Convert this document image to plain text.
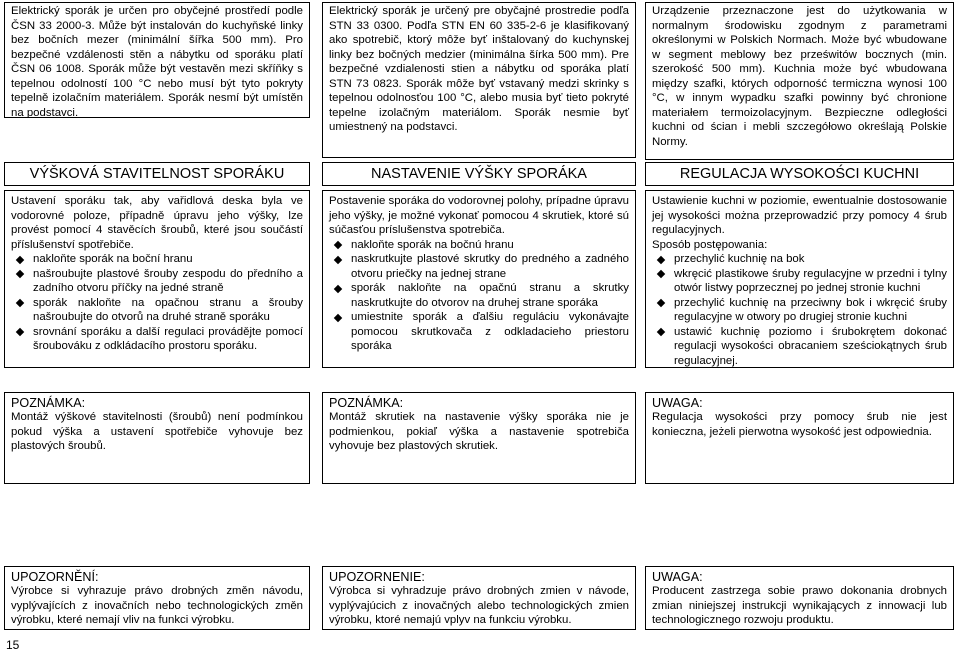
Elektrický sporák je určen pro obyčejné prostředí podle ČSN 33 2000-3. Může být instalován do kuchyňské linky bez bočních mezer (minimální šířka 500 mm). Pro bezpečné vzdálenosti stěn a nábytku od sporáku platí ČSN 06 1008. Sporák může být vestavěn mezi skříňky s tepelnou odolností 100 °C nebo musí být tyto pokryty tepelně izolačním materiálem. Sporák nesmí být umístěn na podstavci.

Elektrický sporák je určený pre obyčajné prostredie podľa STN 33 0300. Podľa STN EN 60 335-2-6 je klasifikovaný ako spotrebič, ktorý môže byť inštalovaný do kuchynskej linky bez bočných medzier (minimálna šírka 500 mm). Pre bezpečné vzdialenosti stien a nábytku od sporáka platí STN 73 0823. Sporák môže byť vstavaný medzi skrinky s tepelnou odolnosťou 100 °C, alebo musia byť tieto pokryté tepelne izolačným materiálom. Sporák nesmie byť umiestnený na podstavci.

Urządzenie przeznaczone jest do użytkowania w normalnym środowisku zgodnym z parametrami określonymi w Polskich Normach. Może być wbudowane w segment meblowy bez prześwitów bocznych (min. szerokość 500 mm). Kuchnia może być wbudowana między szafki, których odporność termiczna wynosi 100 °C, w innym wypadku szafki powinny być chronione materiałem termoizolacyjnym. Bezpieczne odległości kuchni od ścian i mebli szczegółowo określają Polskie Normy.

VÝŠKOVÁ STAVITELNOST SPORÁKU	NASTAVENIE VÝŠKY SPORÁKA	REGULACJA WYSOKOŚCI KUCHNI

Ustavení sporáku tak, aby vařidlová deska byla ve vodorovné poloze, případně úpravu jeho výšky, lze provést pomocí 4 stavěcích šroubů, které jsou součástí příslušenství spotřebiče.

nakloňte sporák na boční hranu
našroubujte plastové šrouby zespodu do předního a zadního otvoru příčky na jedné straně
sporák nakloňte na opačnou stranu a šrouby našroubujte do otvorů na druhé straně sporáku
srovnání sporáku a další regulaci provádějte pomocí šroubováku z odkládacího prostoru sporáku.

Postavenie sporáka do vodorovnej polohy, prípadne úpravu jeho výšky, je možné vykonať pomocou 4 skrutiek, ktoré sú súčasťou príslušenstva spotrebiča.

nakloňte sporák na bočnú hranu
naskrutkujte plastové skrutky do predného a zadného otvoru priečky na jednej strane
sporák nakloňte na opačnú stranu a skrutky naskrutkujte do otvorov na druhej strane sporáka
umiestnite sporák a ďalšiu reguláciu vykonávajte pomocou skrutkovača z odkladacieho priestoru sporáka

Ustawienie kuchni w poziomie, ewentualnie dostosowanie jej wysokości można przeprowadzić przy pomocy 4 śrub regulacyjnych.

Sposób postępowania:

przechylić kuchnię na bok
wkręcić plastikowe śruby regulacyjne w przedni i tylny otwór listwy poprzecznej po jednej stronie kuchni
przechylić kuchnię na przeciwny bok i wkręcić śruby regulacyjne w otwory po drugiej stronie kuchni
ustawić kuchnię poziomo i śrubokrętem dokonać regulacji wysokości obracaniem sześciokątnych śrub regulacyjnej.

POZNÁMKA:

Montáž výškové stavitelnosti (šroubů) není podmínkou pokud výška a ustavení spotřebiče vyhovuje bez plastových šroubů.

POZNÁMKA:

Montáž skrutiek na nastavenie výšky sporáka nie je podmienkou, pokiaľ výška a nastavenie spotrebiča vyhovuje bez plastových skrutiek.

UWAGA:

Regulacja wysokości przy pomocy śrub nie jest konieczna, jeżeli pierwotna wysokość jest odpowiednia.

UPOZORNĚNÍ:

Výrobce si vyhrazuje právo drobných změn návodu, vyplývajících z inovačních nebo technologických změn výrobku, které nemají vliv na funkci výrobku.

UPOZORNENIE:

Výrobca si vyhradzuje právo drobných zmien v návode, vyplývajúcich z inovačných alebo technologických zmien výrobku, ktoré nemajú vplyv na funkciu výrobku.

UWAGA:

Producent zastrzega sobie prawo dokonania drobnych zmian niniejszej instrukcji wynikających z innowacji lub technologicznego rozwoju produktu.

15
